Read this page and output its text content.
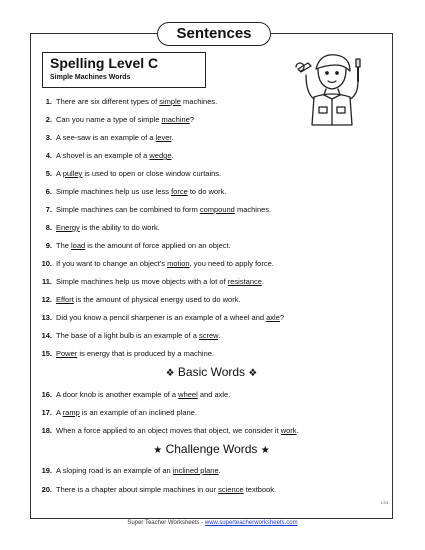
Sentences
Spelling Level C
Simple Machines Words
1. There are six different types of simple machines.
2. Can you name a type of simple machine?
3. A see-saw is an example of a lever.
4. A shovel is an example of a wedge.
5. A pulley is used to open or close window curtains.
6. Simple machines help us use less force to do work.
7. Simple machines can be combined to form compound machines.
8. Energy is the ability to do work.
9. The load is the amount of force applied on an object.
10. If you want to change an object's motion, you need to apply force.
11. Simple machines help us move objects with a lot of resistance.
12. Effort is the amount of physical energy used to do work.
13. Did you know a pencil sharpener is an example of a wheel and axle?
14. The base of a light bulb is an example of a screw.
15. Power is energy that is produced by a machine.
❖ Basic Words ❖
16. A door knob is another example of a wheel and axle.
17. A ramp is an example of an inclined plane.
18. When a force applied to an object moves that object, we consider it work.
★ Challenge Words ★
19. A sloping road is an example of an inclined plane.
20. There is a chapter about simple machines in our science textbook.
LS3
Super Teacher Worksheets - www.superteacherworksheets.com
